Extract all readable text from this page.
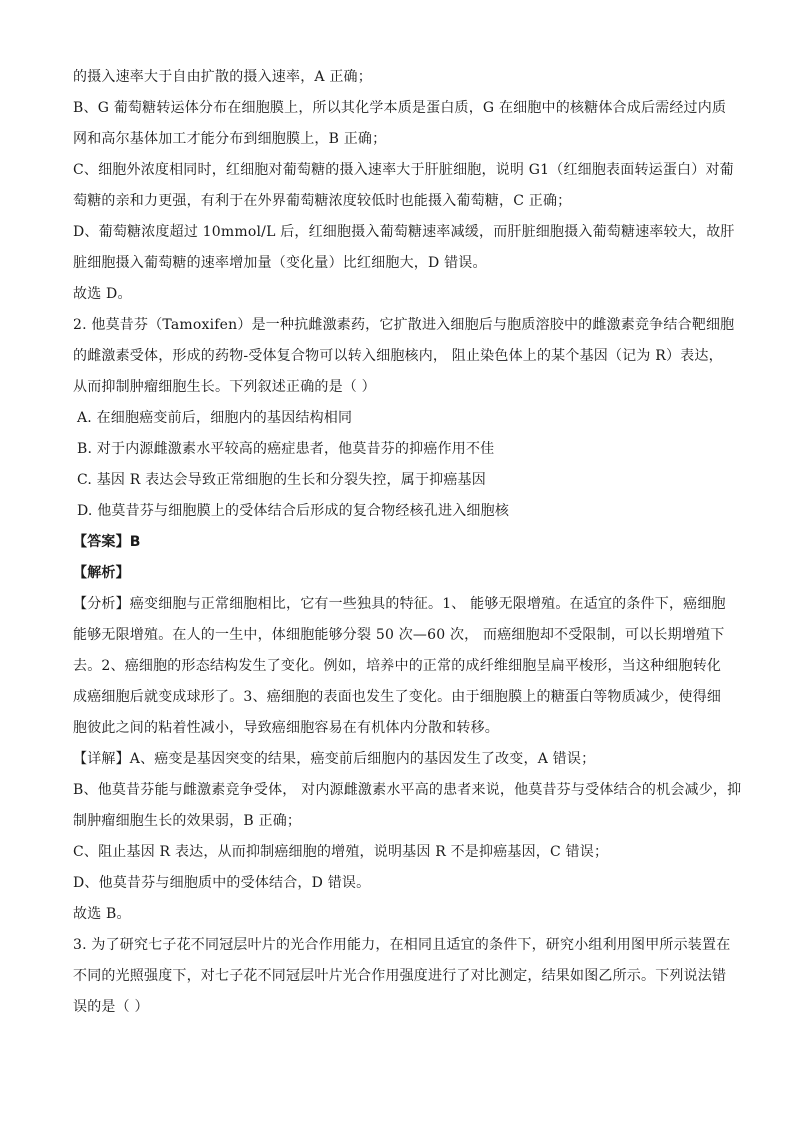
的摄入速率大于自由扩散的摄入速率，A 正确；
B、G 葡萄糖转运体分布在细胞膜上，所以其化学本质是蛋白质，G 在细胞中的核糖体合成后需经过内质
网和高尔基体加工才能分布到细胞膜上，B 正确；
C、细胞外浓度相同时，红细胞对葡萄糖的摄入速率大于肝脏细胞，说明 G1（红细胞表面转运蛋白）对葡
萄糖的亲和力更强，有利于在外界葡萄糖浓度较低时也能摄入葡萄糖，C 正确；
D、葡萄糖浓度超过 10mmol/L 后，红细胞摄入葡萄糖速率减缓，而肝脏细胞摄入葡萄糖速率较大，故肝
脏细胞摄入葡萄糖的速率增加量（变化量）比红细胞大，D 错误。
故选 D。
2. 他莫昔芬（Tamoxifen）是一种抗雌激素药，它扩散进入细胞后与胞质溶胶中的雌激素竞争结合靶细胞
的雌激素受体，形成的药物-受体复合物可以转入细胞核内， 阻止染色体上的某个基因（记为 R）表达，
从而抑制肿瘤细胞生长。下列叙述正确的是（ ）
A. 在细胞癌变前后，细胞内的基因结构相同
B. 对于内源雌激素水平较高的癌症患者，他莫昔芬的抑癌作用不佳
C. 基因 R 表达会导致正常细胞的生长和分裂失控，属于抑癌基因
D. 他莫昔芬与细胞膜上的受体结合后形成的复合物经核孔进入细胞核
【答案】B
【解析】
【分析】癌变细胞与正常细胞相比，它有一些独具的特征。1、 能够无限增殖。在适宜的条件下，癌细胞
能够无限增殖。在人的一生中，体细胞能够分裂 50 次—60 次， 而癌细胞却不受限制，可以长期增殖下
去。2、癌细胞的形态结构发生了变化。例如，培养中的正常的成纤维细胞呈扁平梭形，当这种细胞转化
成癌细胞后就变成球形了。3、癌细胞的表面也发生了变化。由于细胞膜上的糖蛋白等物质减少，使得细
胞彼此之间的粘着性减小，导致癌细胞容易在有机体内分散和转移。
【详解】A、癌变是基因突变的结果，癌变前后细胞内的基因发生了改变，A 错误；
B、他莫昔芬能与雌激素竞争受体， 对内源雌激素水平高的患者来说，他莫昔芬与受体结合的机会减少，抑
制肿瘤细胞生长的效果弱，B 正确；
C、阻止基因 R 表达，从而抑制癌细胞的增殖，说明基因 R 不是抑癌基因，C 错误；
D、他莫昔芬与细胞质中的受体结合，D 错误。
故选 B。
3. 为了研究七子花不同冠层叶片的光合作用能力，在相同且适宜的条件下，研究小组利用图甲所示装置在
不同的光照强度下，对七子花不同冠层叶片光合作用强度进行了对比测定，结果如图乙所示。下列说法错
误的是（ ）
